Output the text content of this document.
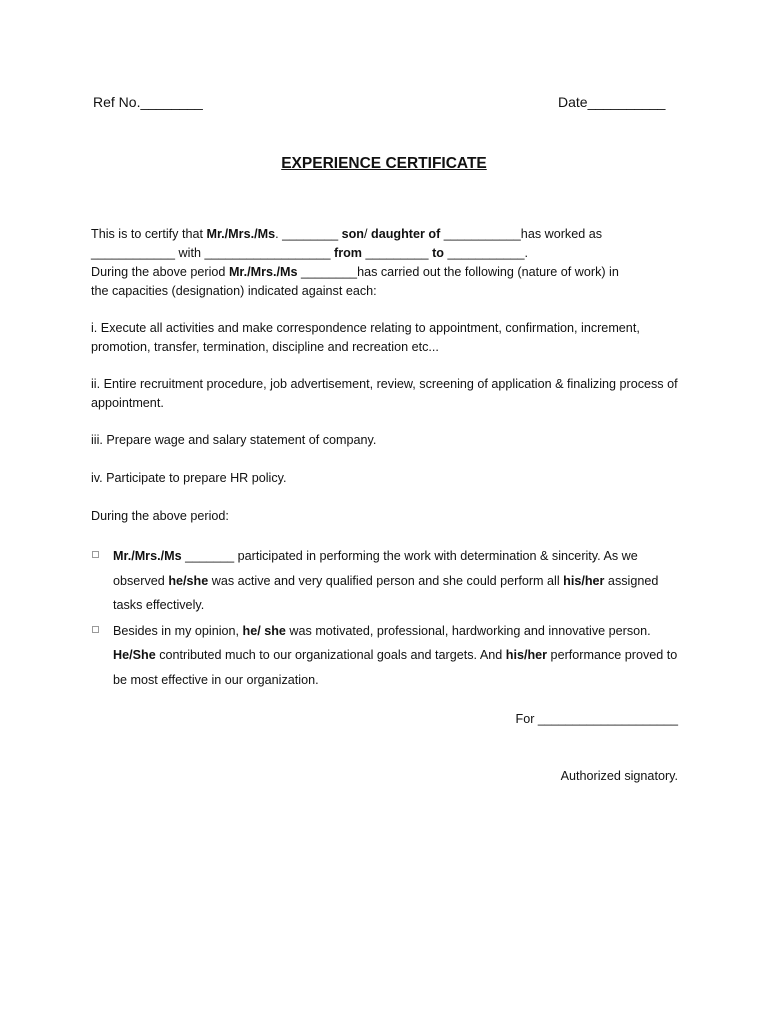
Ref No.________	Date__________
EXPERIENCE CERTIFICATE
This is to certify that Mr./Mrs./Ms. ________ son/ daughter of ___________has worked as
____________ with __________________ from _________ to ___________.
During the above period Mr./Mrs./Ms ________has carried out the following (nature of work) in
the capacities (designation) indicated against each:
i. Execute all activities and make correspondence relating to appointment, confirmation, increment, promotion, transfer, termination, discipline and recreation etc...
ii. Entire recruitment procedure, job advertisement, review, screening of application & finalizing process of appointment.
iii. Prepare wage and salary statement of company.
iv. Participate to prepare HR policy.
During the above period:
Mr./Mrs./Ms _______ participated in performing the work with determination & sincerity. As we observed he/she was active and very qualified person and she could perform all his/her assigned tasks effectively.
Besides in my opinion, he/ she was motivated, professional, hardworking and innovative person. He/She contributed much to our organizational goals and targets. And his/her performance proved to be most effective in our organization.
For ____________________
Authorized signatory.
